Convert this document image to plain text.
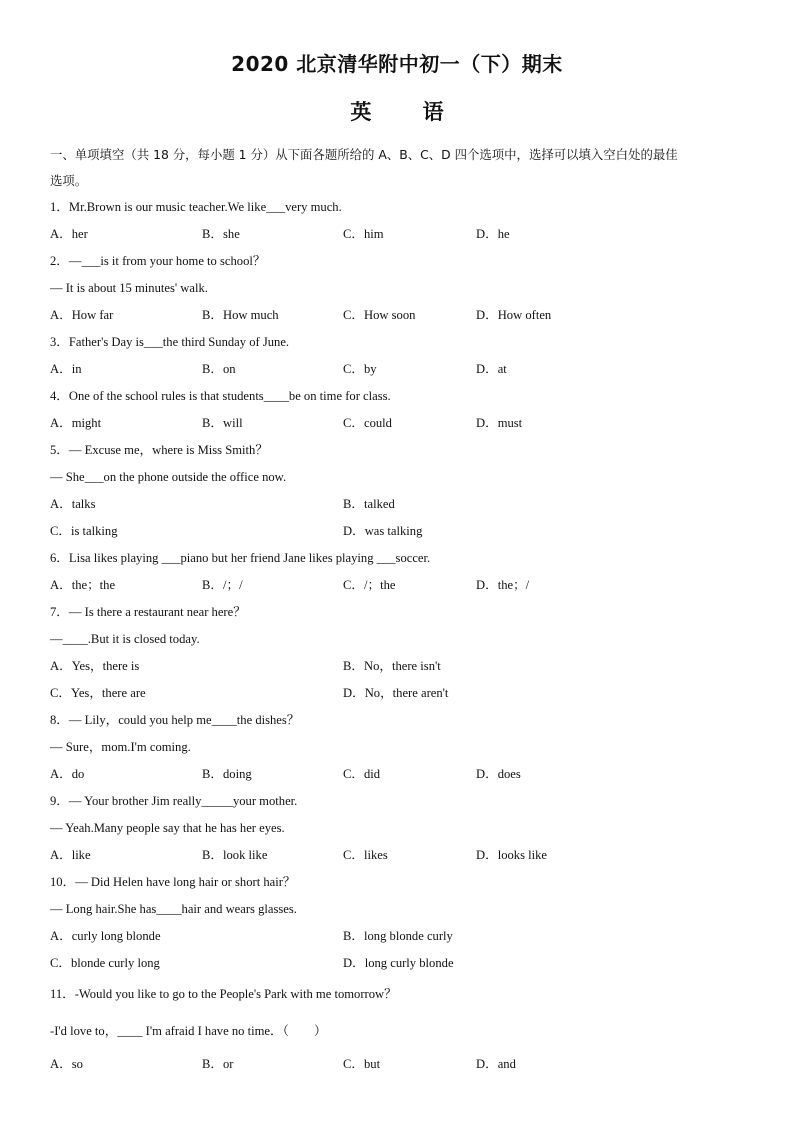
2020 北京清华附中初一（下）期末
英 语
一、单项填空（共 18 分，每小题 1 分）从下面各题所给的 A、B、C、D 四个选项中，选择可以填入空白处的最佳
选项。
1．Mr.Brown is our music teacher.We like___very much.
A．her	B．she	C．him	D．he
2．—___is it from your home to school？
— It is about 15 minutes' walk.
A．How far	B．How much	C．How soon	D．How often
3．Father's Day is___the third Sunday of June.
A．in	B．on	C．by	D．at
4．One of the school rules is that students____be on time for class.
A．might	B．will	C．could	D．must
5．— Excuse me，where is Miss Smith？
— She___on the phone outside the office now.
A．talks	B．talked
C．is talking	D．was talking
6．Lisa likes playing ___piano but her friend Jane likes playing ___soccer.
A．the；the	B．/；/	C．/；the	D．the；/
7．— Is there a restaurant near here？
—____.But it is closed today.
A．Yes，there is	B．No，there isn't
C．Yes，there are	D．No，there aren't
8．— Lily，could you help me____the dishes？
— Sure，mom.I'm coming.
A．do	B．doing	C．did	D．does
9．— Your brother Jim really_____your mother.
— Yeah.Many people say that he has her eyes.
A．like	B．look like	C．likes	D．looks like
10．— Did Helen have long hair or short hair？
— Long hair.She has____hair and wears glasses.
A．curly long blonde	B．long blonde curly
C．blonde curly long	D．long curly blonde
11．-Would you like to go to the People's Park with me tomorrow？
-I'd love to，____ I'm afraid I have no time．（　　）
A．so	B．or	C．but	D．and
